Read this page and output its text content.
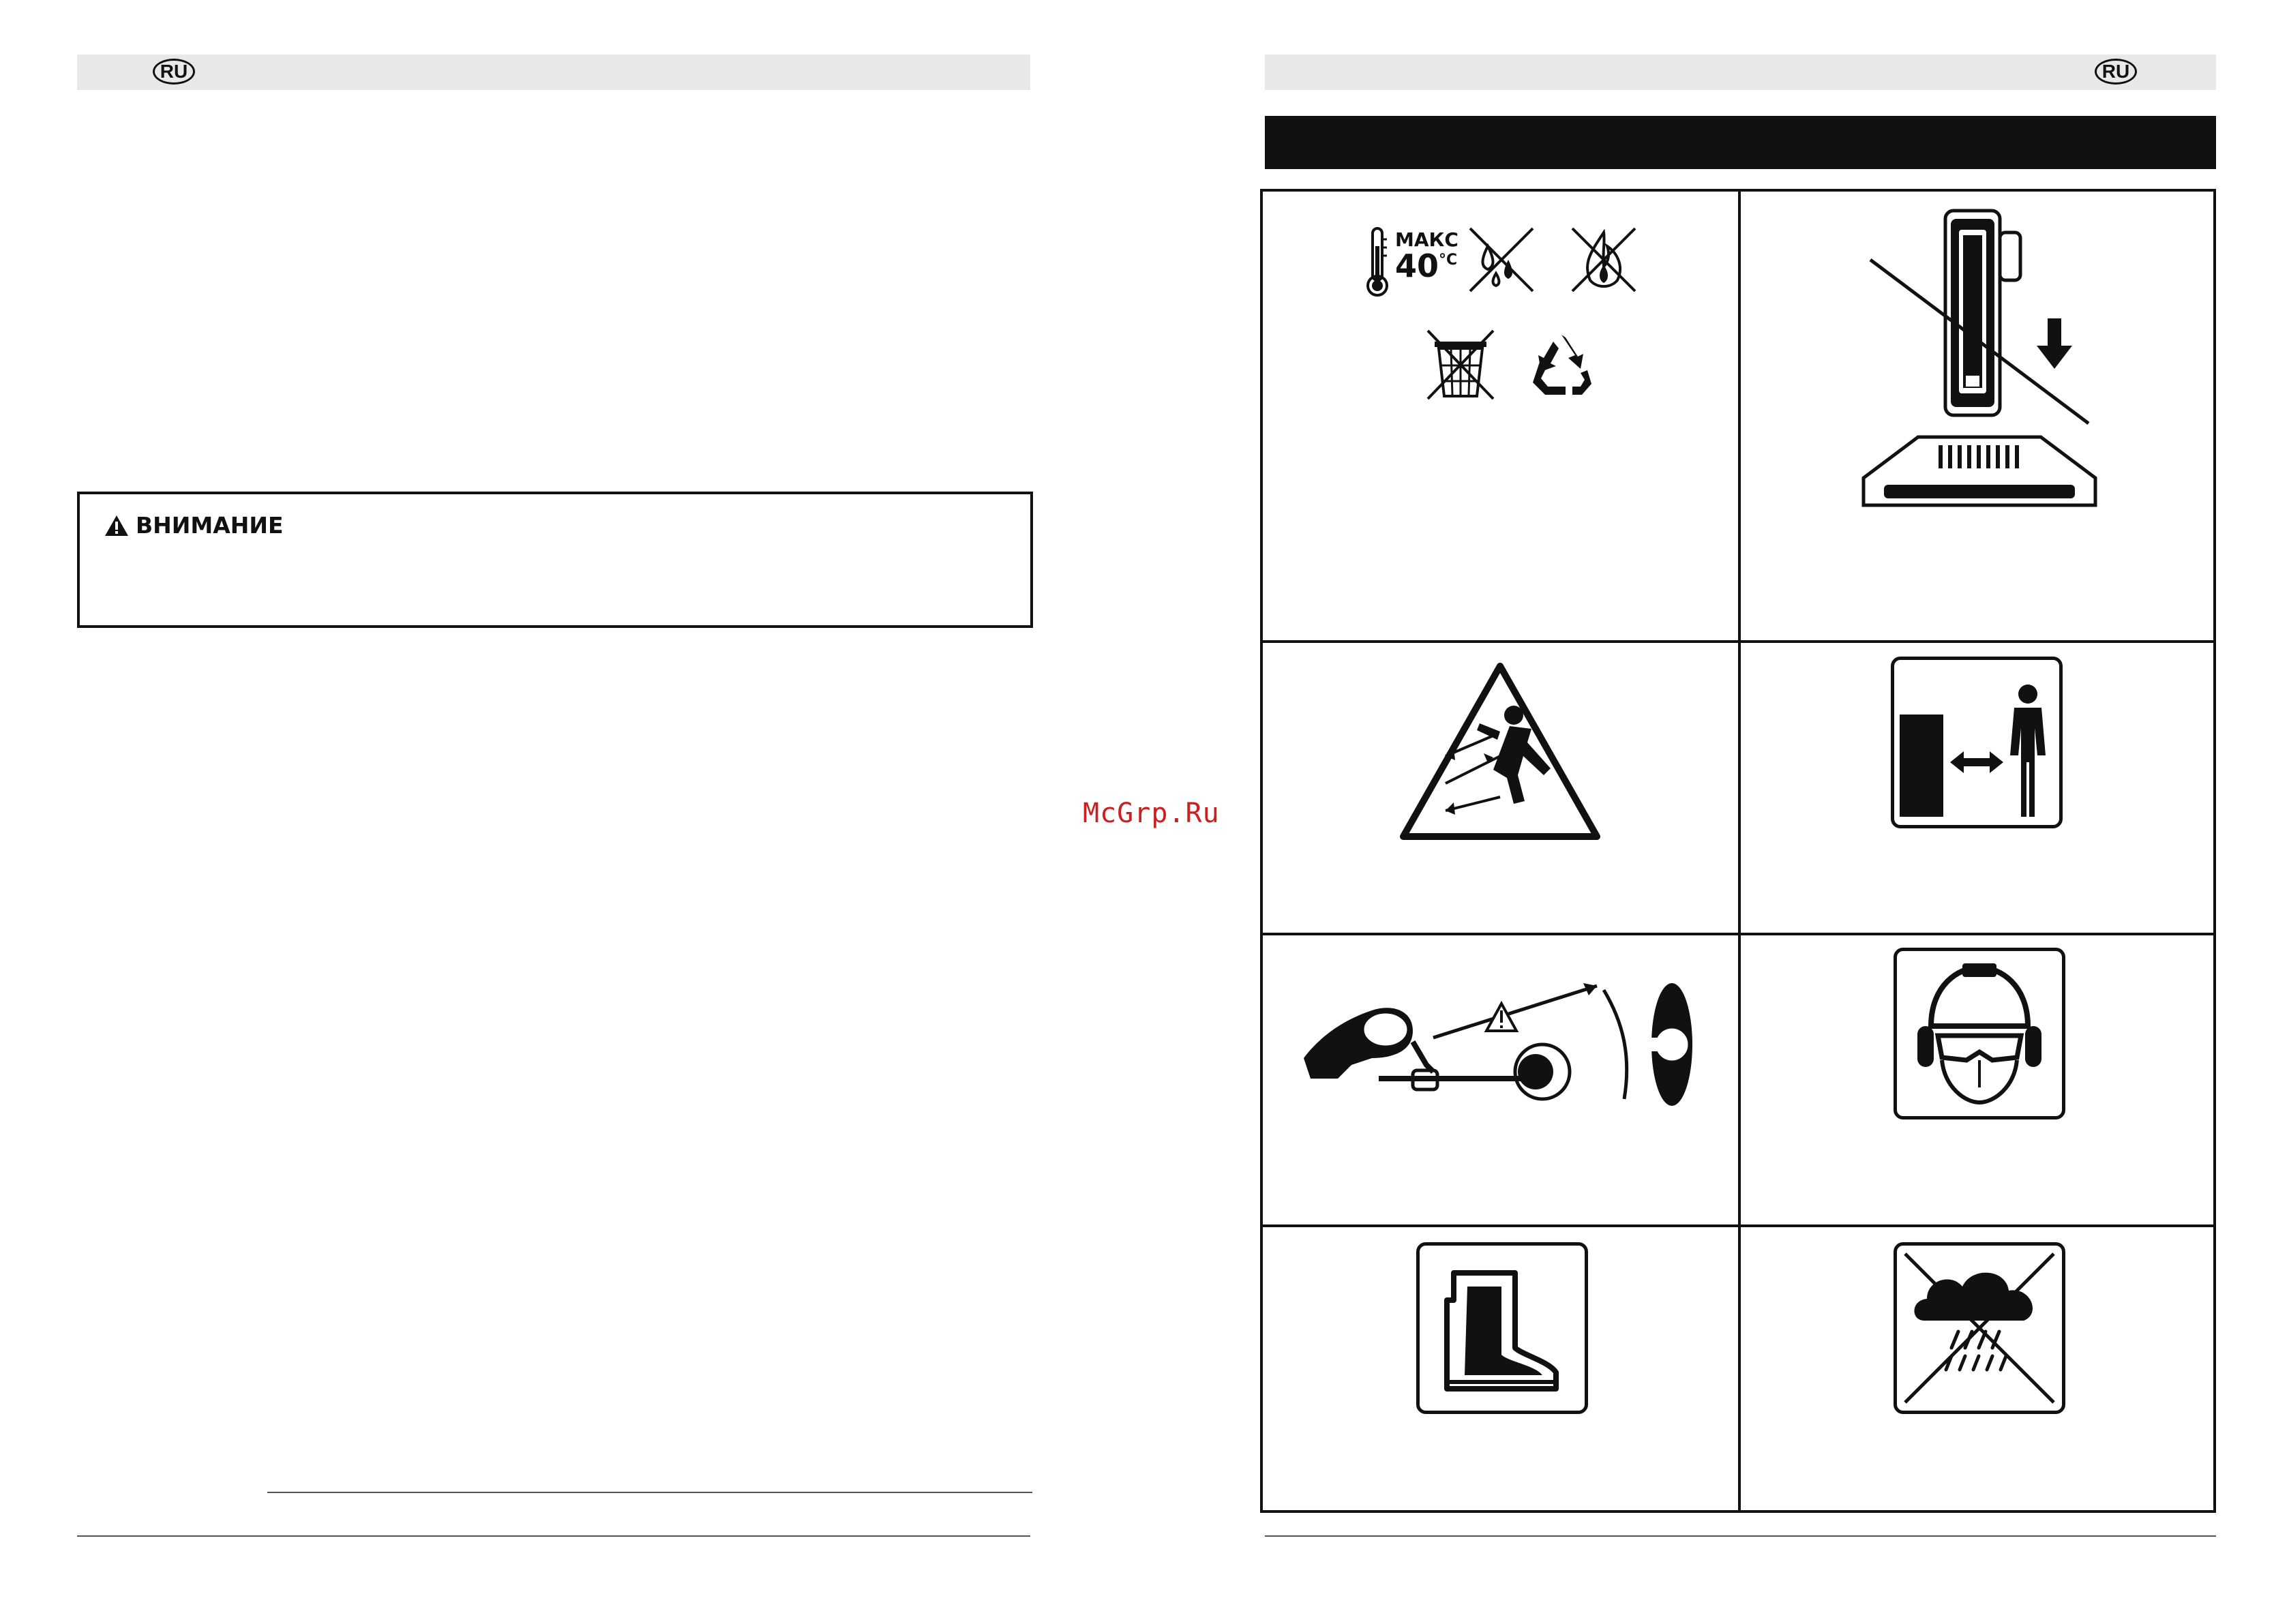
RU
ВНИМАНИЕ
McGrp.Ru
RU
МАКС
40 °C
